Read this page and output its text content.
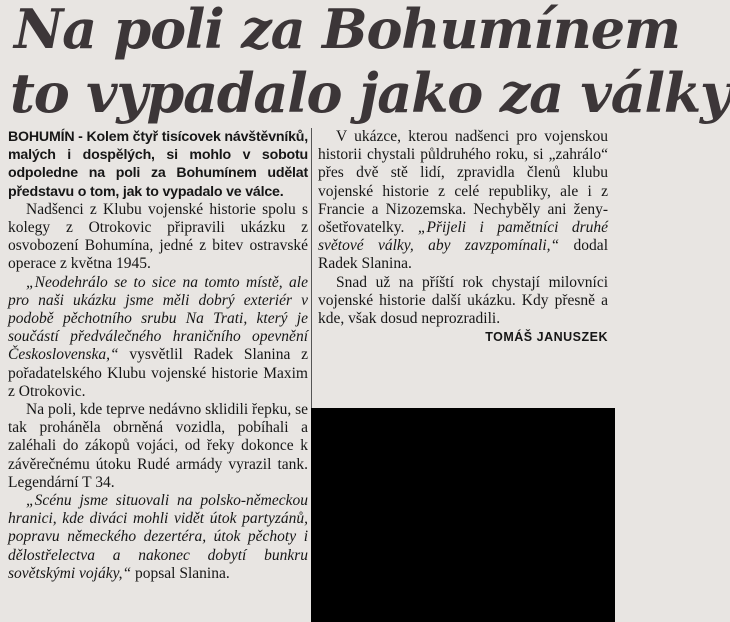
Na poli za Bohumínem
to vypadalo jako za války

BOHUMÍN - Kolem čtyř tisícovek návštěvníků, malých i dospělých, si mohlo v sobotu odpoledne na poli za Bohumínem udělat představu o tom, jak to vypadalo ve válce.

Nadšenci z Klubu vojenské historie spolu s kolegy z Otrokovic připravili ukázku z osvobození Bohumína, jedné z bitev ostravské operace z května 1945.

„Neodehrálo se to sice na tomto místě, ale pro naši ukázku jsme měli dobrý exteriér v podobě pěchotního srubu Na Trati, který je součástí předválečného hraničního opevnění Československa,“ vysvětlil Radek Slanina z pořadatelského Klubu vojenské historie Maxim z Otrokovic.

Na poli, kde teprve nedávno sklidili řepku, se tak proháněla obrněná vozidla, pobíhali a zaléhali do zákopů vojáci, od řeky dokonce k závěrečnému útoku Rudé armády vyrazil tank. Legendární T 34.

„Scénu jsme situovali na polsko-německou hranici, kde diváci mohli vidět útok partyzánů, popravu německého dezertéra, útok pěchoty i dělostřelectva a nakonec dobytí bunkru sovětskými vojáky,“ popsal Slanina.

V ukázce, kterou nadšenci pro vojenskou historii chystali půldruhého roku, si „zahrálo“ přes dvě stě lidí, zpravidla členů klubu vojenské historie z celé republiky, ale i z Francie a Nizozemska. Nechyběly ani ženy-ošetřovatelky. „Přijeli i pamětníci druhé světové války, aby zavzpomínali,“ dodal Radek Slanina.

Snad už na příští rok chystají milovníci vojenské historie další ukázku. Kdy přesně a kde, však dosud neprozradili.

TOMÁŠ JANUSZEK
